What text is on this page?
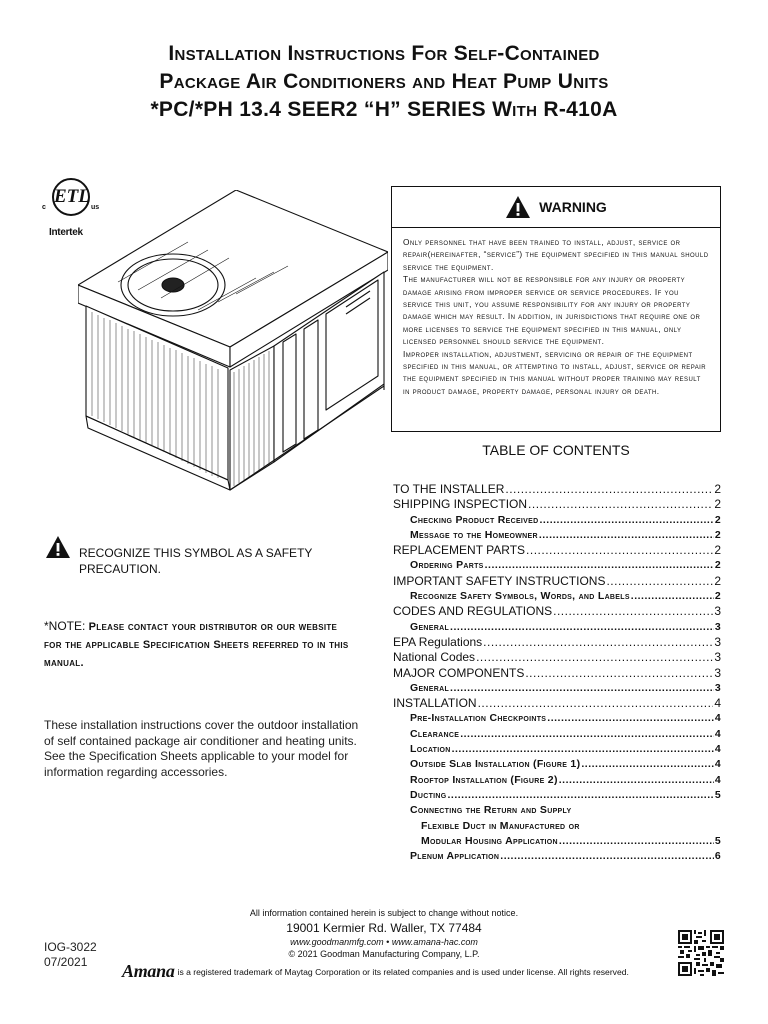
Installation Instructions For Self-Contained
Package Air Conditioners and Heat Pump Units
*PC/*PH 13.4 SEER2 “H” SERIES With R-410A
ETL
c	us
Intertek
WARNING

Only personnel that have been trained to install, adjust, service or repair(hereinafter, “service”) the equipment specified in this manual should service the equipment.

The manufacturer will not be responsible for any injury or property damage arising from improper service or service procedures. If you service this unit, you assume responsibility for any injury or property damage which may result. In addition, in jurisdictions that require one or more licenses to service the equipment specified in this manual, only licensed personnel should service the equipment.

Improper installation, adjustment, servicing or repair of the equipment specified in this manual, or attempting to install, adjust, service or repair the equipment specified in this manual without proper training may result in product damage, property damage, personal injury or death.

TABLE OF CONTENTS
TO THE INSTALLER .....	2
SHIPPING INSPECTION .....	2
Checking Product Received .....	2
Message to the Homeowner .....	2
REPLACEMENT PARTS .....	2
Ordering Parts .....	2
IMPORTANT SAFETY INSTRUCTIONS .....	2
Recognize Safety Symbols, Words, and Labels .....	2
CODES AND REGULATIONS .....	3
General .....	3
EPA Regulations .....	3
National Codes .....	3
MAJOR COMPONENTS .....	3
General .....	3
INSTALLATION .....	4
Pre-Installation Checkpoints .....	4
Clearance .....	4
Location .....	4
Outside Slab Installation (Figure 1) .....	4
Rooftop Installation (Figure 2) .....	4
Ducting .....	5
Connecting the Return and Supply
Flexible Duct in Manufactured or
Modular Housing Application .....	5
Plenum Application .....	6
RECOGNIZE THIS SYMBOL AS A SAFETY PRECAUTION.
*NOTE: Please contact your distributor or our website for the applicable Specification Sheets referred to in this manual.
These installation instructions cover the outdoor installation of self contained package air conditioner and heating units. See the Specification Sheets applicable to your model for information regarding accessories.
All information contained herein is subject to change without notice.
19001 Kermier Rd. Waller, TX 77484
www.goodmanmfg.com • www.amana-hac.com
© 2021 Goodman Manufacturing Company, L.P.
IOG-3022
07/2021	Amana is a registered trademark of Maytag Corporation or its related companies and is used under license. All rights reserved.
